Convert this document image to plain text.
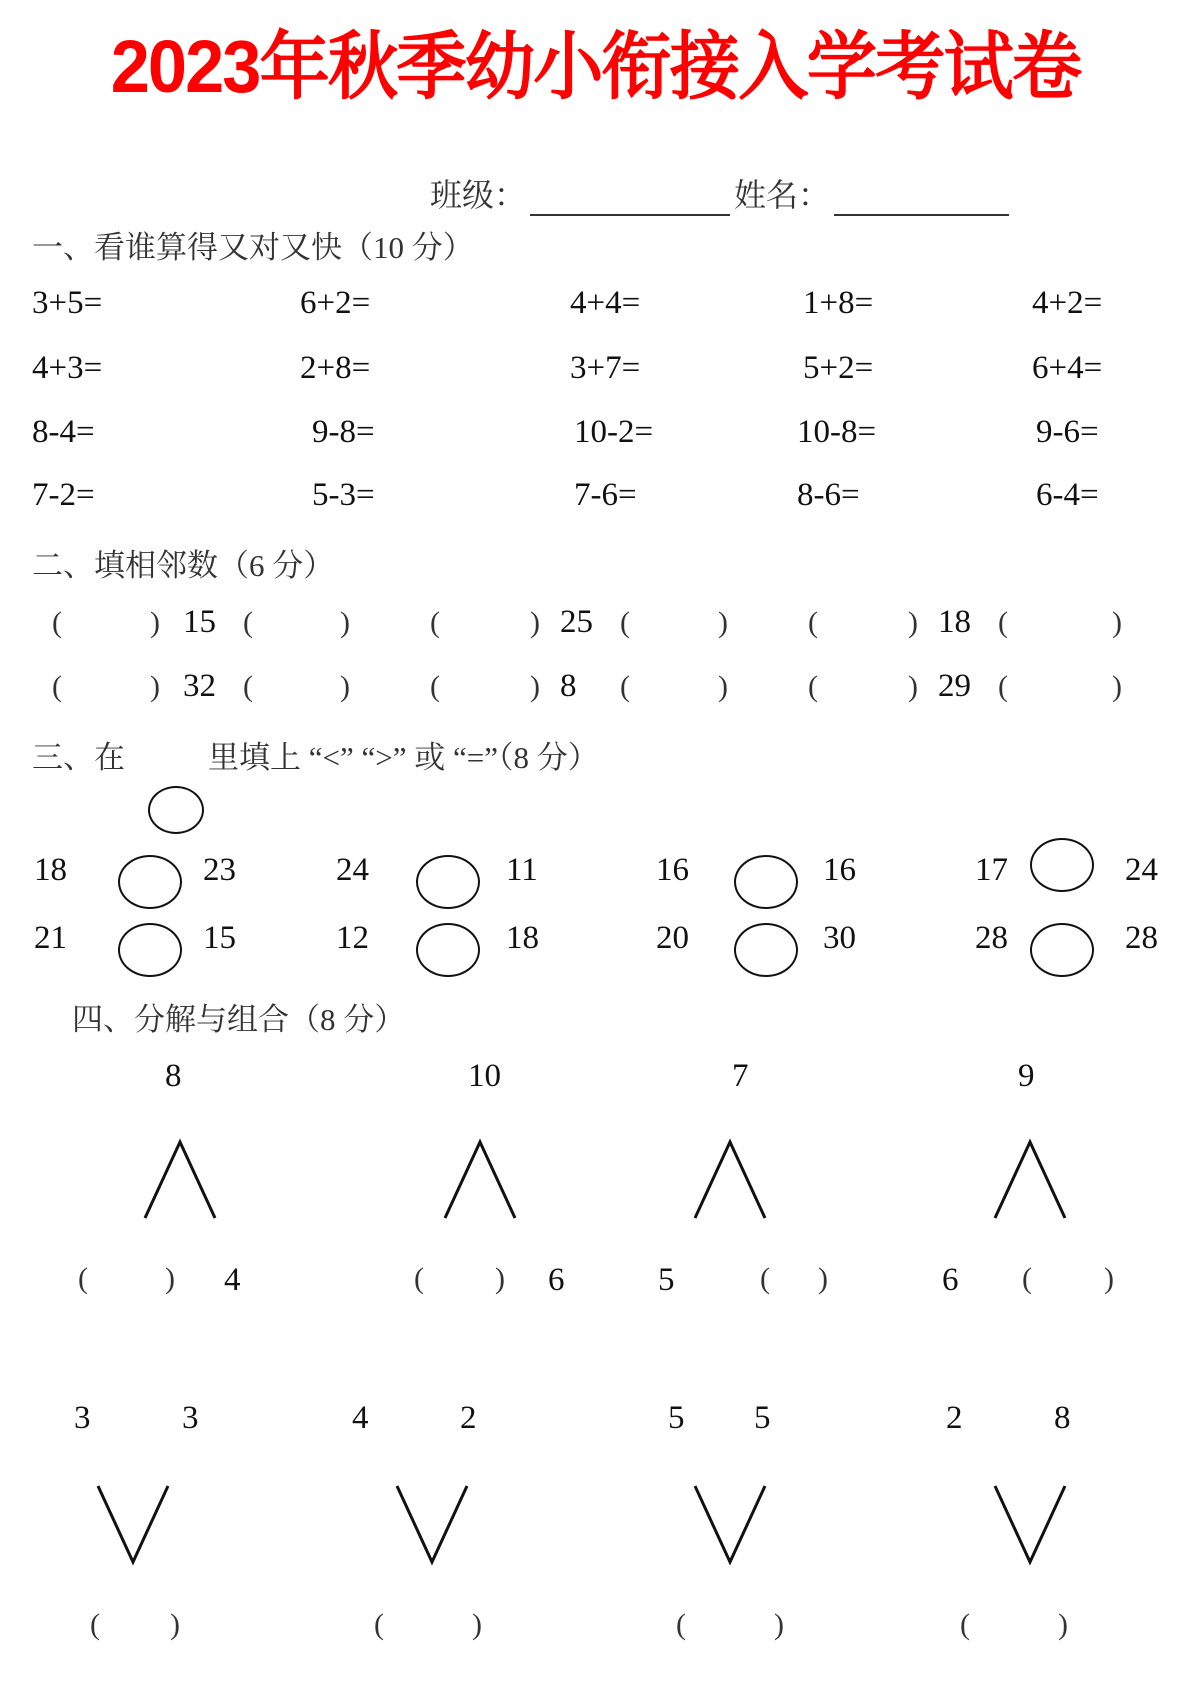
2023年秋季幼小衔接入学考试卷
班级：	姓名：
一、看谁算得又对又快（10 分）
3+5=	6+2=	4+4=	1+8=	4+2=
4+3=	2+8=	3+7=	5+2=	6+4=
8-4=	9-8=	10-2=	10-8=	9-6=
7-2=	5-3=	7-6=	8-6=	6-4=
二、填相邻数（6 分）
(	) 15 (	)	(	) 25 (	)	(	) 18 (	)
(	) 32 (	)	(	) 8 (	)	(	) 29 (	)
三、在	里填上 “<” “>” 或 “=”（8 分）
18	23	24	11	16	16	17	24
21	15	12	18	20	30	28	28
四、分解与组合（8 分）
8
(	) 4
10
( ) 6
7
5	( )
9
6 ( )
3	3
( )
4	2
(	)
5 5
(	)
2	8
(	)
